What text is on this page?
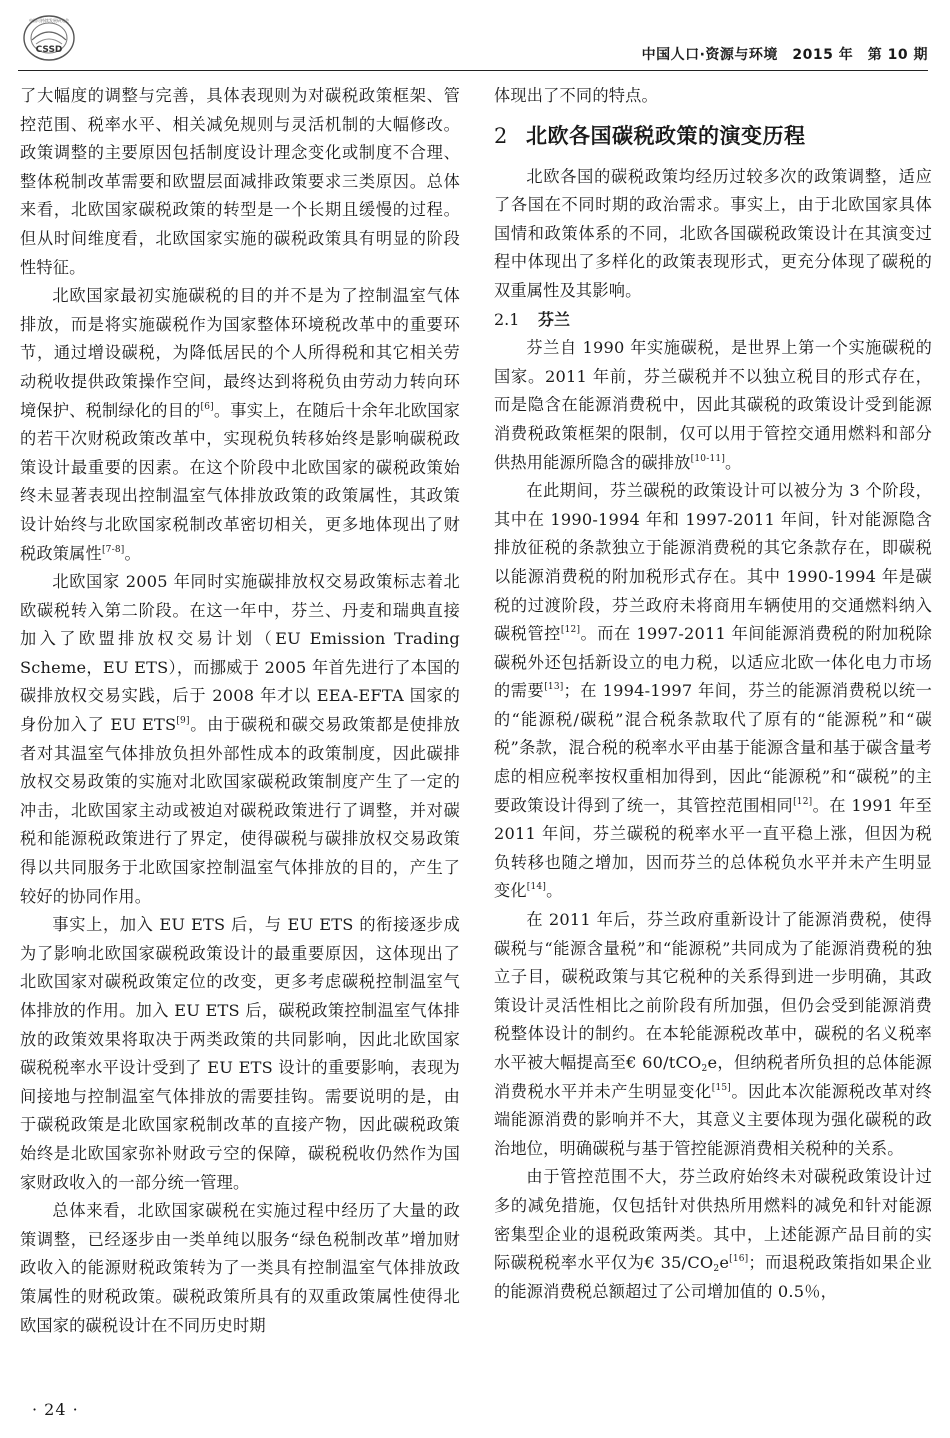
CSSD
中国可持续发展研究会
中国人口·资源与环境　2015 年　第 10 期

了大幅度的调整与完善，具体表现则为对碳税政策框架、管控范围、税率水平、相关减免规则与灵活机制的大幅修改。政策调整的主要原因包括制度设计理念变化或制度不合理、整体税制改革需要和欧盟层面减排政策要求三类原因。总体来看，北欧国家碳税政策的转型是一个长期且缓慢的过程。但从时间维度看，北欧国家实施的碳税政策具有明显的阶段性特征。

北欧国家最初实施碳税的目的并不是为了控制温室气体排放，而是将实施碳税作为国家整体环境税改革中的重要环节，通过增设碳税，为降低居民的个人所得税和其它相关劳动税收提供政策操作空间，最终达到将税负由劳动力转向环境保护、税制绿化的目的[6]。事实上，在随后十余年北欧国家的若干次财税政策改革中，实现税负转移始终是影响碳税政策设计最重要的因素。在这个阶段中北欧国家的碳税政策始终未显著表现出控制温室气体排放政策的政策属性，其政策设计始终与北欧国家税制改革密切相关，更多地体现出了财税政策属性[7-8]。

北欧国家 2005 年同时实施碳排放权交易政策标志着北欧碳税转入第二阶段。在这一年中，芬兰、丹麦和瑞典直接加入了欧盟排放权交易计划（EU Emission Trading Scheme，EU ETS），而挪威于 2005 年首先进行了本国的碳排放权交易实践，后于 2008 年才以 EEA-EFTA 国家的身份加入了 EU ETS[9]。由于碳税和碳交易政策都是使排放者对其温室气体排放负担外部性成本的政策制度，因此碳排放权交易政策的实施对北欧国家碳税政策制度产生了一定的冲击，北欧国家主动或被迫对碳税政策进行了调整，并对碳税和能源税政策进行了界定，使得碳税与碳排放权交易政策得以共同服务于北欧国家控制温室气体排放的目的，产生了较好的协同作用。

事实上，加入 EU ETS 后，与 EU ETS 的衔接逐步成为了影响北欧国家碳税政策设计的最重要原因，这体现出了北欧国家对碳税政策定位的改变，更多考虑碳税控制温室气体排放的作用。加入 EU ETS 后，碳税政策控制温室气体排放的政策效果将取决于两类政策的共同影响，因此北欧国家碳税税率水平设计受到了 EU ETS 设计的重要影响，表现为间接地与控制温室气体排放的需要挂钩。需要说明的是，由于碳税政策是北欧国家税制改革的直接产物，因此碳税政策始终是北欧国家弥补财政亏空的保障，碳税税收仍然作为国家财政收入的一部分统一管理。

总体来看，北欧国家碳税在实施过程中经历了大量的政策调整，已经逐步由一类单纯以服务“绿色税制改革”增加财政收入的能源财税政策转为了一类具有控制温室气体排放政策属性的财税政策。碳税政策所具有的双重政策属性使得北欧国家的碳税设计在不同历史时期

体现出了不同的特点。

2 北欧各国碳税政策的演变历程

北欧各国的碳税政策均经历过较多次的政策调整，适应了各国在不同时期的政治需求。事实上，由于北欧国家具体国情和政策体系的不同，北欧各国碳税政策设计在其演变过程中体现出了多样化的政策表现形式，更充分体现了碳税的双重属性及其影响。

2.1 芬兰

芬兰自 1990 年实施碳税，是世界上第一个实施碳税的国家。2011 年前，芬兰碳税并不以独立税目的形式存在，而是隐含在能源消费税中，因此其碳税的政策设计受到能源消费税政策框架的限制，仅可以用于管控交通用燃料和部分供热用能源所隐含的碳排放[10-11]。

在此期间，芬兰碳税的政策设计可以被分为 3 个阶段，其中在 1990-1994 年和 1997-2011 年间，针对能源隐含排放征税的条款独立于能源消费税的其它条款存在，即碳税以能源消费税的附加税形式存在。其中 1990-1994 年是碳税的过渡阶段，芬兰政府未将商用车辆使用的交通燃料纳入碳税管控[12]。而在 1997-2011 年间能源消费税的附加税除碳税外还包括新设立的电力税，以适应北欧一体化电力市场的需要[13]；在 1994-1997 年间，芬兰的能源消费税以统一的“能源税/碳税”混合税条款取代了原有的“能源税”和“碳税”条款，混合税的税率水平由基于能源含量和基于碳含量考虑的相应税率按权重相加得到，因此“能源税”和“碳税”的主要政策设计得到了统一，其管控范围相同[12]。在 1991 年至 2011 年间，芬兰碳税的税率水平一直平稳上涨，但因为税负转移也随之增加，因而芬兰的总体税负水平并未产生明显变化[14]。

在 2011 年后，芬兰政府重新设计了能源消费税，使得碳税与“能源含量税”和“能源税”共同成为了能源消费税的独立子目，碳税政策与其它税种的关系得到进一步明确，其政策设计灵活性相比之前阶段有所加强，但仍会受到能源消费税整体设计的制约。在本轮能源税改革中，碳税的名义税率水平被大幅提高至€ 60/tCO$_2$e，但纳税者所负担的总体能源消费税水平并未产生明显变化[15]。因此本次能源税改革对终端能源消费的影响并不大，其意义主要体现为强化碳税的政治地位，明确碳税与基于管控能源消费相关税种的关系。

由于管控范围不大，芬兰政府始终未对碳税政策设计过多的减免措施，仅包括针对供热所用燃料的减免和针对能源密集型企业的退税政策两类。其中，上述能源产品目前的实际碳税税率水平仅为€ $35/CO_2e[16]$；而退税政策指如果企业的能源消费税总额超过了公司增加值的 0.5％，

· 24 ·
